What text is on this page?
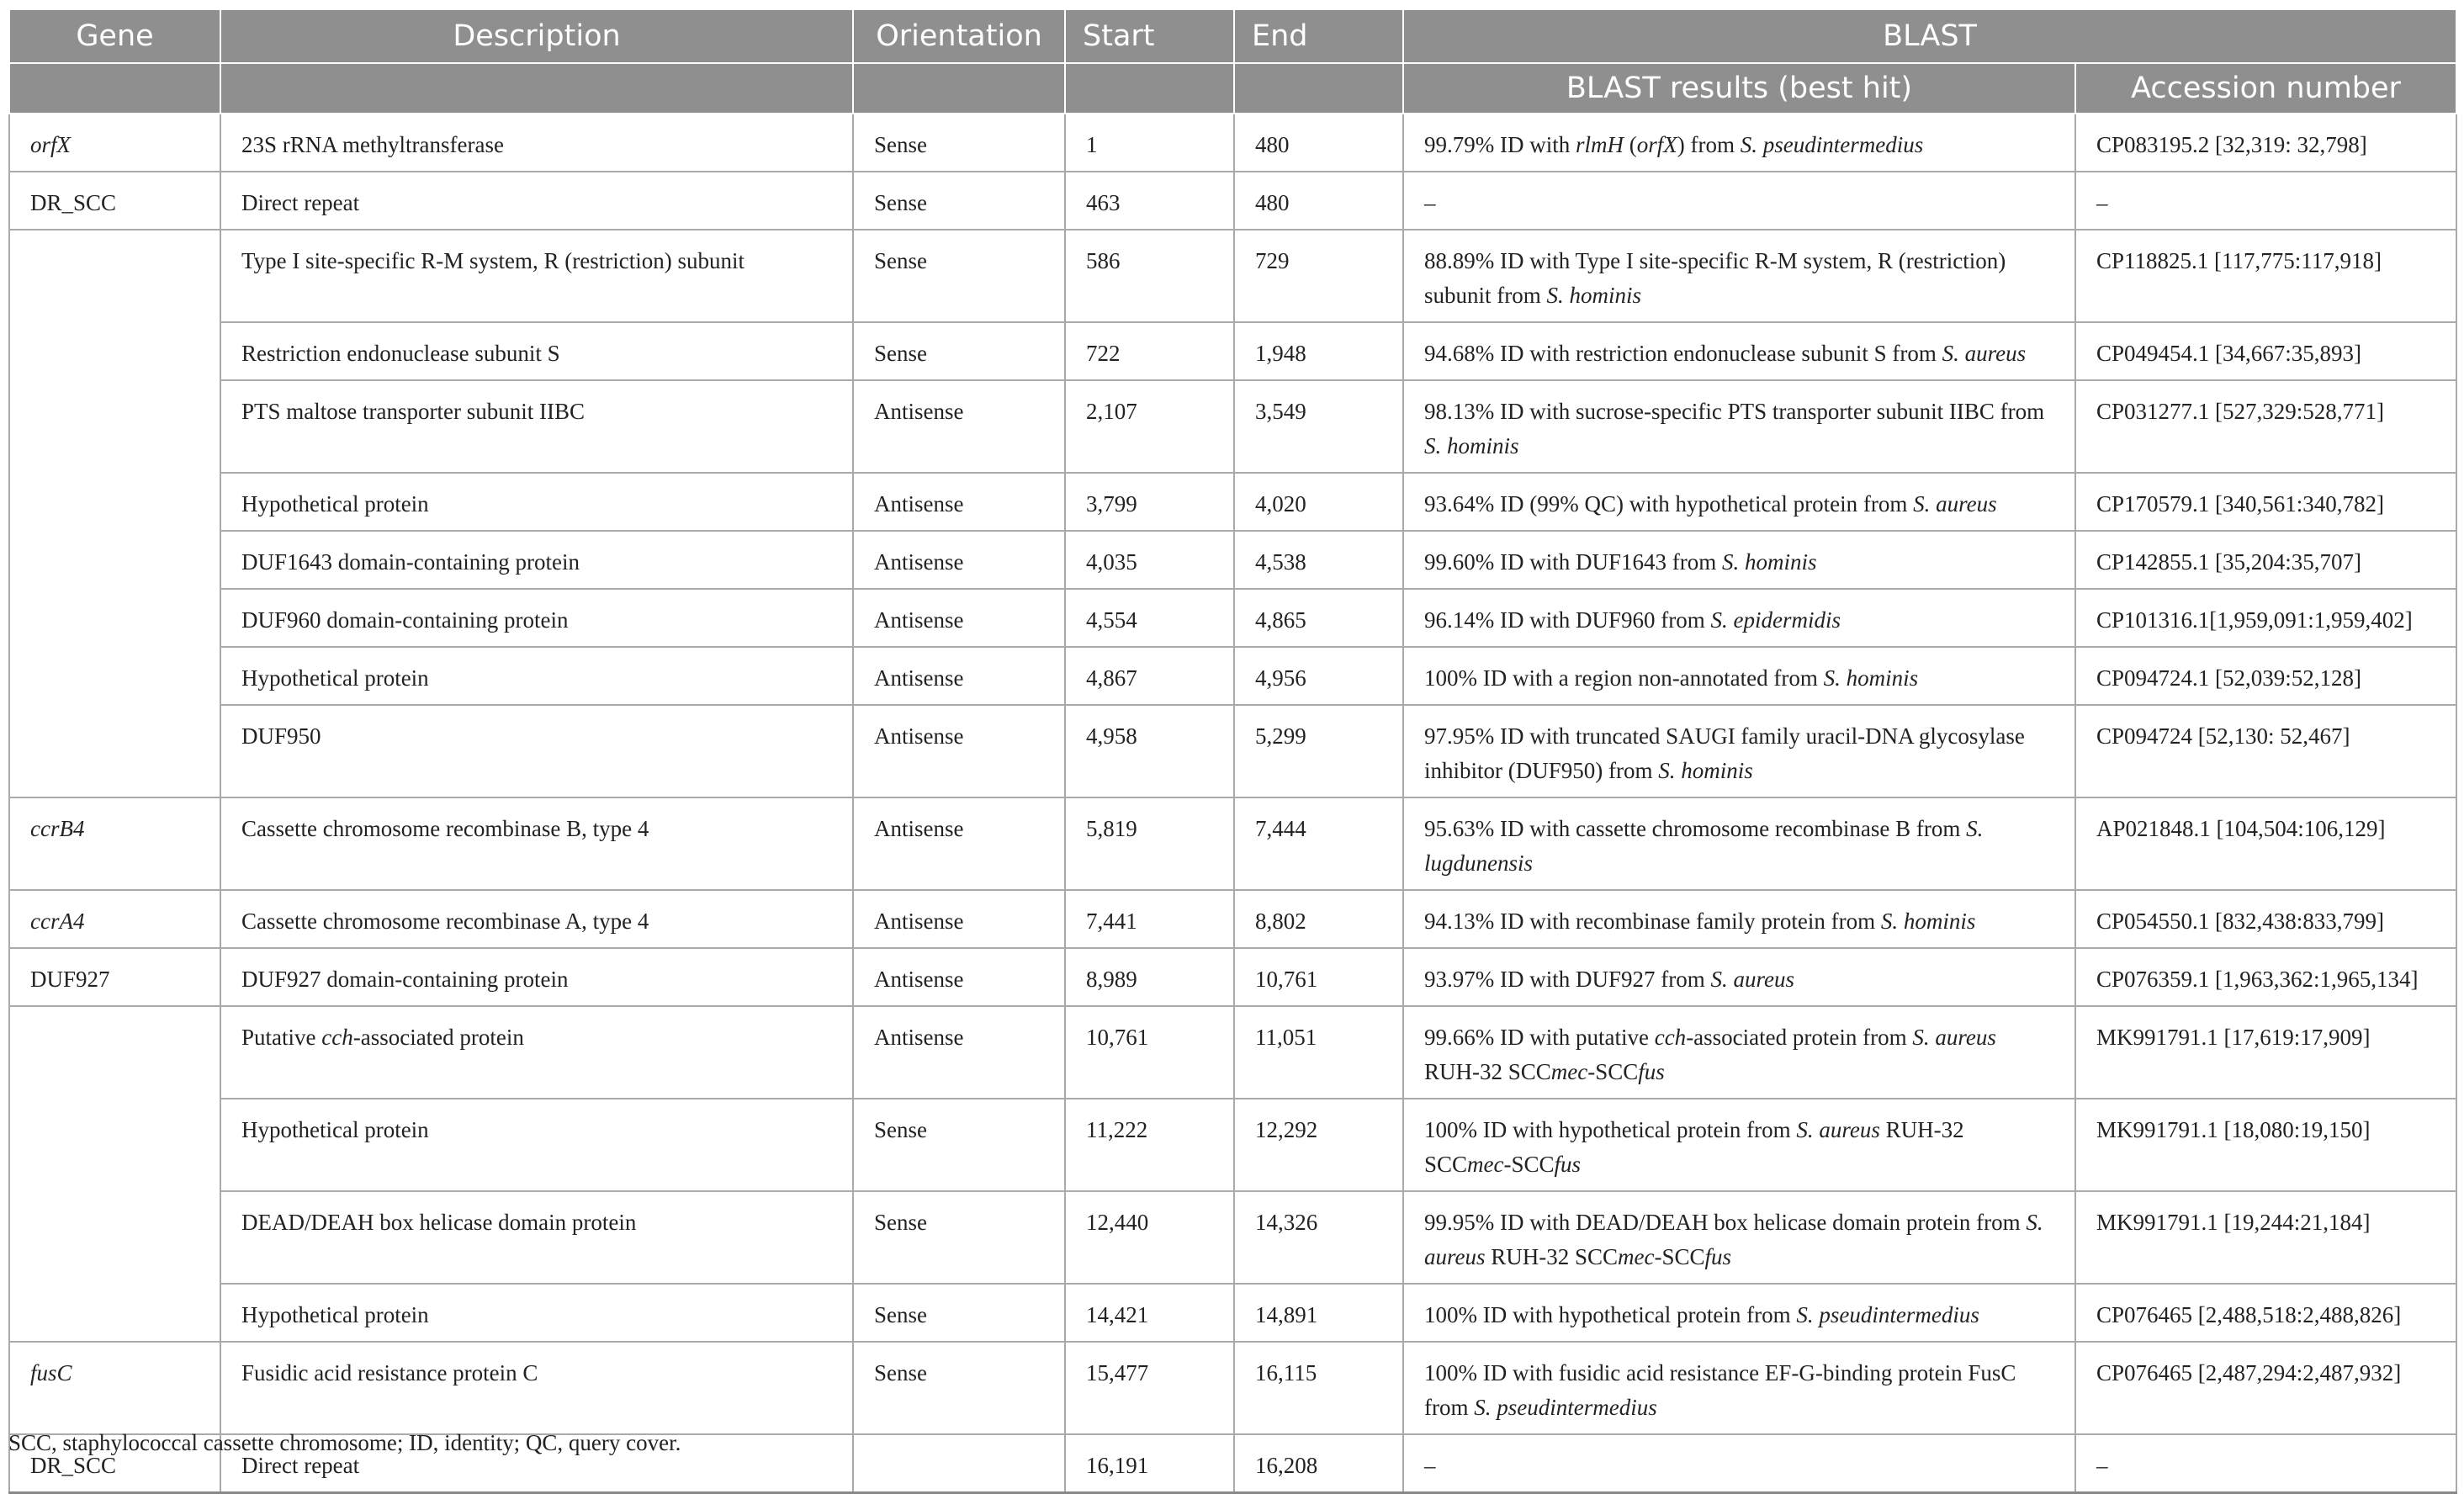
Gene	Description	Orientation	Start	End	BLAST	
					BLAST results (best hit)	Accession number
orfX	23S rRNA methyltransferase	Sense	1	480	99.79% ID with rlmH (orfX) from S. pseudintermedius	CP083195.2 [32,319: 32,798]
DR_SCC	Direct repeat	Sense	463	480	–	–
	Type I site-specific R-M system, R (restriction) subunit	Sense	586	729	88.89% ID with Type I site-specific R-M system, R (restriction) subunit from S. hominis	CP118825.1 [117,775:117,918]
	Restriction endonuclease subunit S	Sense	722	1,948	94.68% ID with restriction endonuclease subunit S from S. aureus	CP049454.1 [34,667:35,893]
	PTS maltose transporter subunit IIBC	Antisense	2,107	3,549	98.13% ID with sucrose-specific PTS transporter subunit IIBC from S. hominis	CP031277.1 [527,329:528,771]
	Hypothetical protein	Antisense	3,799	4,020	93.64% ID (99% QC) with hypothetical protein from S. aureus	CP170579.1 [340,561:340,782]
	DUF1643 domain-containing protein	Antisense	4,035	4,538	99.60% ID with DUF1643 from S. hominis	CP142855.1 [35,204:35,707]
	DUF960 domain-containing protein	Antisense	4,554	4,865	96.14% ID with DUF960 from S. epidermidis	CP101316.1[1,959,091:1,959,402]
	Hypothetical protein	Antisense	4,867	4,956	100% ID with a region non-annotated from S. hominis	CP094724.1 [52,039:52,128]
	DUF950	Antisense	4,958	5,299	97.95% ID with truncated SAUGI family uracil-DNA glycosylase inhibitor (DUF950) from S. hominis	CP094724 [52,130: 52,467]
ccrB4	Cassette chromosome recombinase B, type 4	Antisense	5,819	7,444	95.63% ID with cassette chromosome recombinase B from S. lugdunensis	AP021848.1 [104,504:106,129]
ccrA4	Cassette chromosome recombinase A, type 4	Antisense	7,441	8,802	94.13% ID with recombinase family protein from S. hominis	CP054550.1 [832,438:833,799]
DUF927	DUF927 domain-containing protein	Antisense	8,989	10,761	93.97% ID with DUF927 from S. aureus	CP076359.1 [1,963,362:1,965,134]
	Putative cch-associated protein	Antisense	10,761	11,051	99.66% ID with putative cch-associated protein from S. aureus RUH-32 SCCmec-SCCfus	MK991791.1 [17,619:17,909]
	Hypothetical protein	Sense	11,222	12,292	100% ID with hypothetical protein from S. aureus RUH-32 SCCmec-SCCfus	MK991791.1 [18,080:19,150]
	DEAD/DEAH box helicase domain protein	Sense	12,440	14,326	99.95% ID with DEAD/DEAH box helicase domain protein from S. aureus RUH-32 SCCmec-SCCfus	MK991791.1 [19,244:21,184]
	Hypothetical protein	Sense	14,421	14,891	100% ID with hypothetical protein from S. pseudintermedius	CP076465 [2,488,518:2,488,826]
fusC	Fusidic acid resistance protein C	Sense	15,477	16,115	100% ID with fusidic acid resistance EF-G-binding protein FusC from S. pseudintermedius	CP076465 [2,487,294:2,487,932]
DR_SCC	Direct repeat		16,191	16,208	–	–
SCC, staphylococcal cassette chromosome; ID, identity; QC, query cover.
